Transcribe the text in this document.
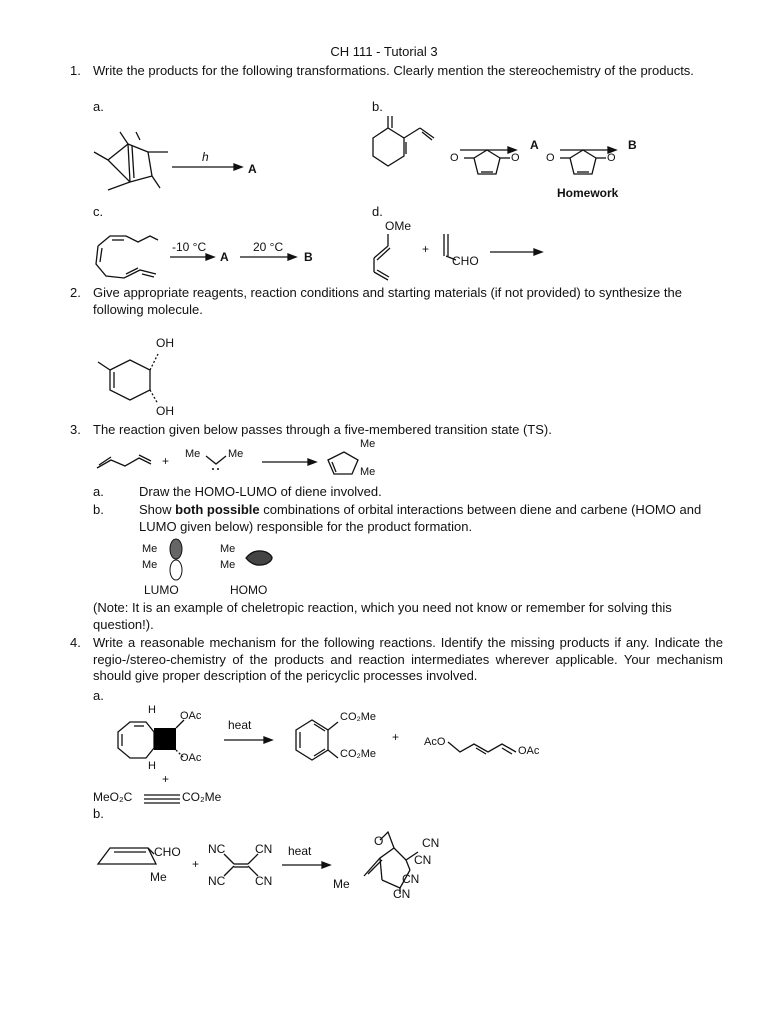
CH 111 - Tutorial 3
1. Write the products for the following transformations. Clearly mention the stereochemistry of the products.
a.	b.
h
A
A	B
O	O O	O
Homework
c.	d.
-10 °C
A
20 °C
B
OMe
+
CHO
2. Give appropriate reagents, reaction conditions and starting materials (if not provided) to synthesize the following molecule.
OH
OH
3. The reaction given below passes through a five-membered transition state (TS).
+ Me	Me
Me
Me
a.	Draw the HOMO-LUMO of diene involved.
b.	Show both possible combinations of orbital interactions between diene and carbene (HOMO and LUMO given below) responsible for the product formation.
Me
Me
Me
Me
LUMO	HOMO
(Note: It is an example of cheletropic reaction, which you need not know or remember for solving this question!).
4. Write a reasonable mechanism for the following reactions. Identify the missing products if any. Indicate the regio-/stereo-chemistry of the products and reaction intermediates wherever applicable. Your mechanism should give proper description of the pericyclic processes involved.
a.
H OAc
OAc
H
+
heat
CO₂Me
CO₂Me
+ AcO
OAc
MeO₂C	CO₂Me
b.
CHO
Me
+
NC CN
NC CN
heat
O
Me
CN
CN
CN
CN
